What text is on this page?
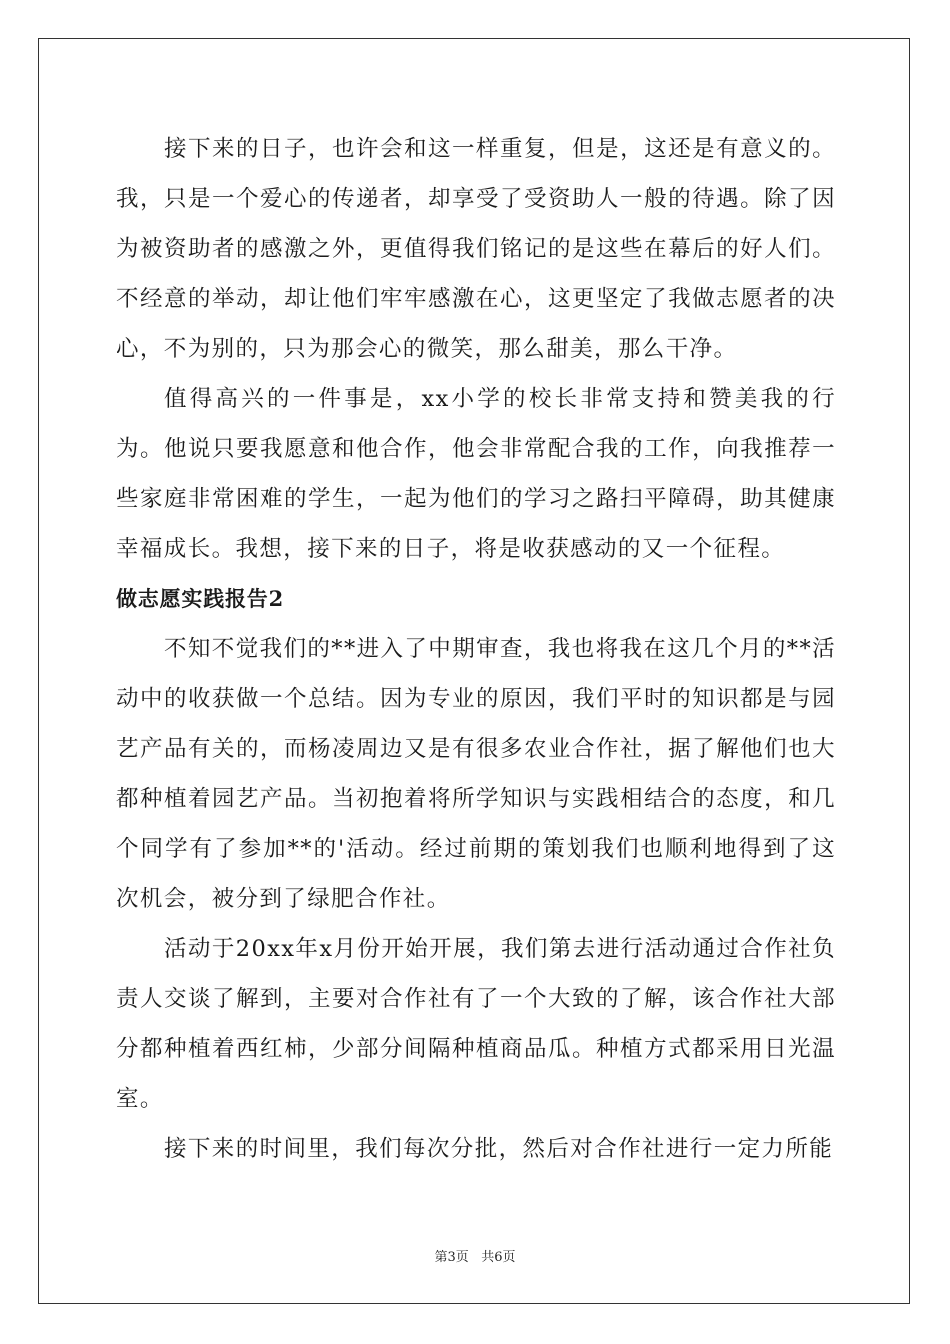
接下来的日子，也许会和这一样重复，但是，这还是有意义的。我，只是一个爱心的传递者，却享受了受资助人一般的待遇。除了因为被资助者的感激之外，更值得我们铭记的是这些在幕后的好人们。不经意的举动，却让他们牢牢感激在心，这更坚定了我做志愿者的决心，不为别的，只为那会心的微笑，那么甜美，那么干净。

值得高兴的一件事是，xx小学的校长非常支持和赞美我的行为。他说只要我愿意和他合作，他会非常配合我的工作，向我推荐一些家庭非常困难的学生，一起为他们的学习之路扫平障碍，助其健康幸福成长。我想，接下来的日子，将是收获感动的又一个征程。

做志愿实践报告2

不知不觉我们的**进入了中期审查，我也将我在这几个月的**活动中的收获做一个总结。因为专业的原因，我们平时的知识都是与园艺产品有关的，而杨凌周边又是有很多农业合作社，据了解他们也大都种植着园艺产品。当初抱着将所学知识与实践相结合的态度，和几个同学有了参加**的'活动。经过前期的策划我们也顺利地得到了这次机会，被分到了绿肥合作社。

活动于20xx年x月份开始开展，我们第去进行活动通过合作社负责人交谈了解到，主要对合作社有了一个大致的了解，该合作社大部分都种植着西红柿，少部分间隔种植商品瓜。种植方式都采用日光温室。

接下来的时间里，我们每次分批，然后对合作社进行一定力所能

第3页 共6页
